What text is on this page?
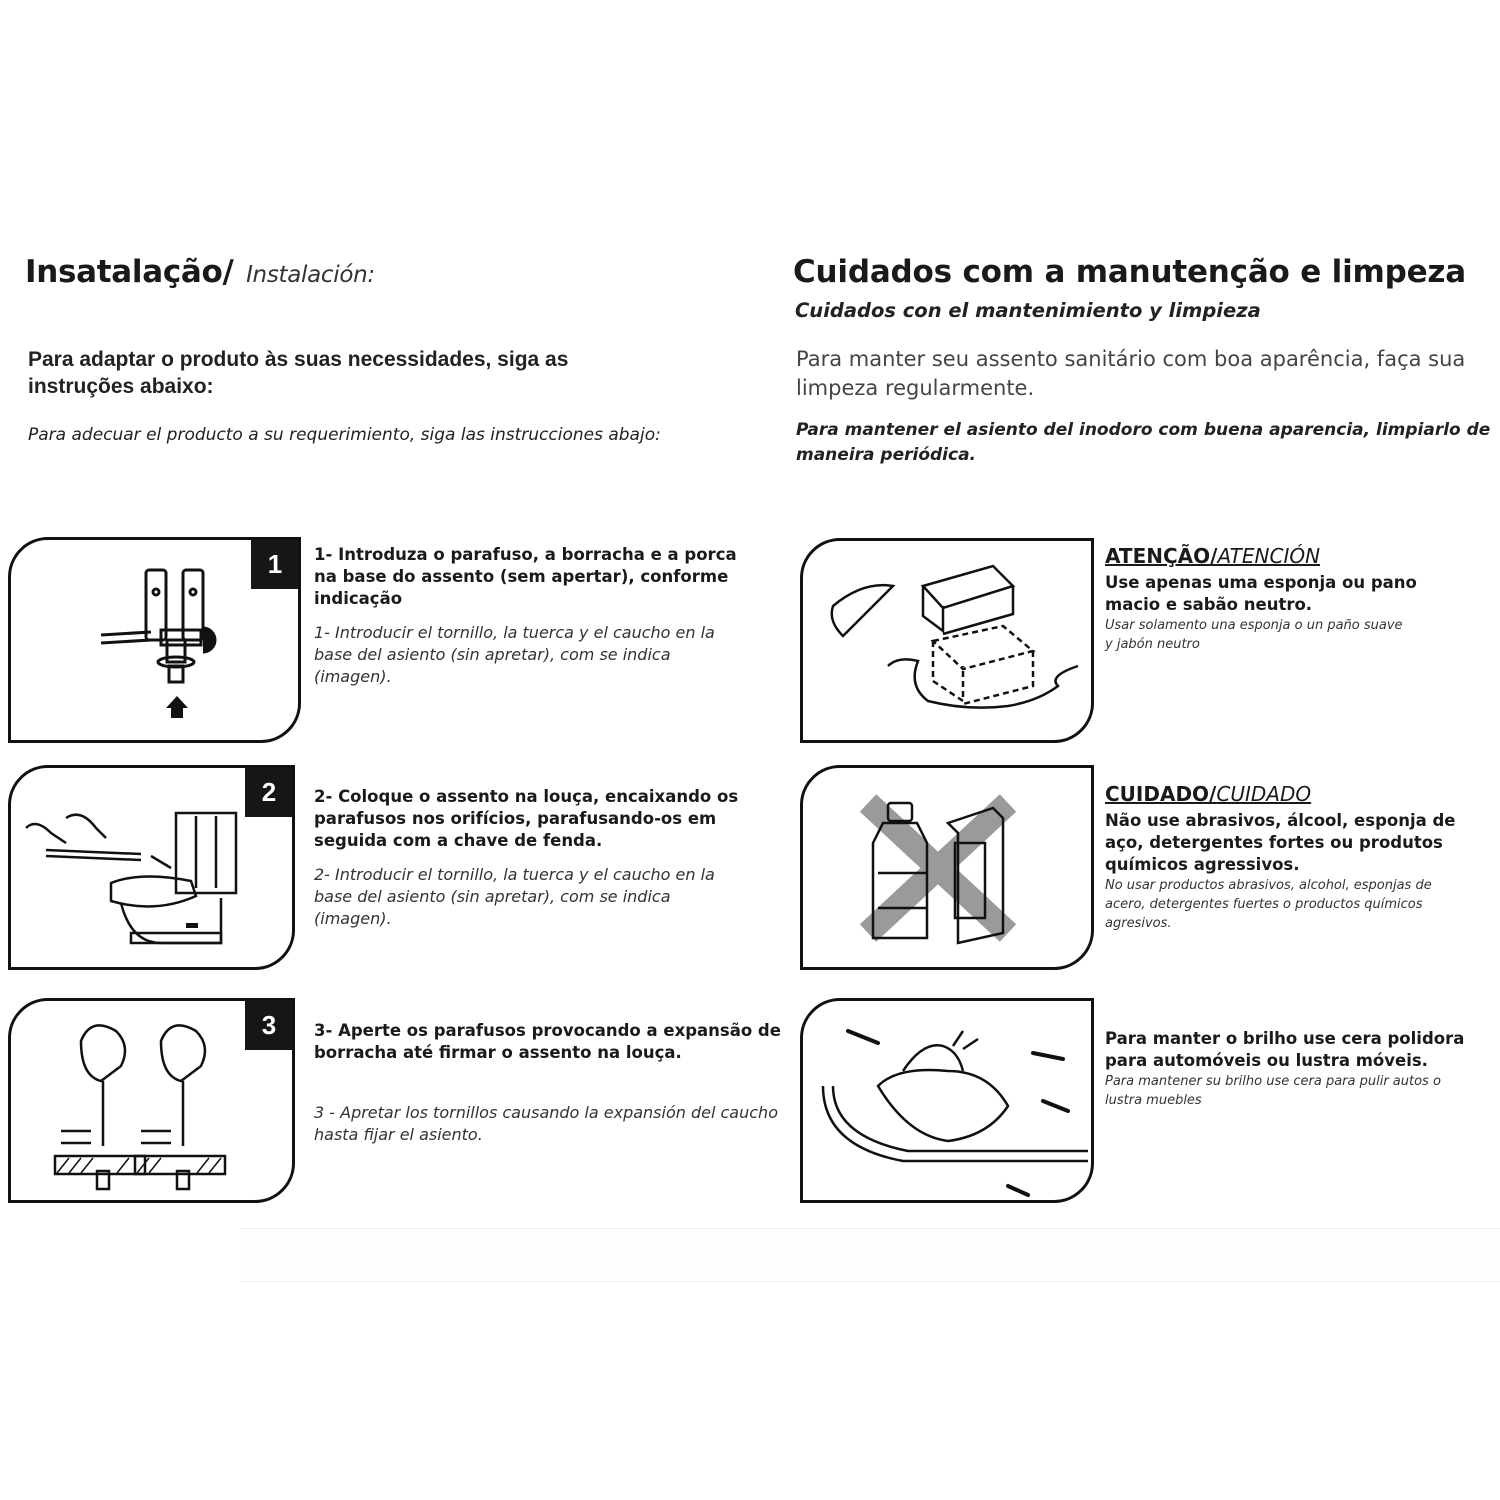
Insatalação/ Instalación:
Para adaptar o produto às suas necessidades, siga as instruções abaixo:
Para adecuar el producto a su requerimiento, siga las instrucciones abajo:
Cuidados com a manutenção e limpeza
Cuidados con el mantenimiento y limpieza
Para manter seu assento sanitário com boa aparência, faça sua limpeza regularmente.
Para mantener el asiento del inodoro com buena aparencia, limpiarlo de maneira periódica.
1	1- Introduza o parafuso, a borracha e a porca na base do assento (sem apertar), conforme indicação
1- Introducir el tornillo, la tuerca y el caucho en la base del asiento (sin apretar), com se indica (imagen).
2	2- Coloque o assento na louça, encaixando os parafusos nos orifícios, parafusando-os em seguida com a chave de fenda.
2- Introducir el tornillo, la tuerca y el caucho en la base del asiento (sin apretar), com se indica (imagen).
3	3- Aperte os parafusos provocando a expansão de borracha até firmar o assento na louça.
3 - Apretar los tornillos causando la expansión del caucho hasta fijar el asiento.
ATENÇÃO/ATENCIÓN
Use apenas uma esponja ou pano macio e sabão neutro.
Usar solamento una esponja o un paño suave y jabón neutro
CUIDADO/CUIDADO
Não use abrasivos, álcool, esponja de aço, detergentes fortes ou produtos químicos agressivos.
No usar productos abrasivos, alcohol, esponjas de acero, detergentes fuertes o productos químicos agresivos.
Para manter o brilho use cera polidora para automóveis ou lustra móveis.
Para mantener su brilho use cera para pulir autos o lustra muebles
